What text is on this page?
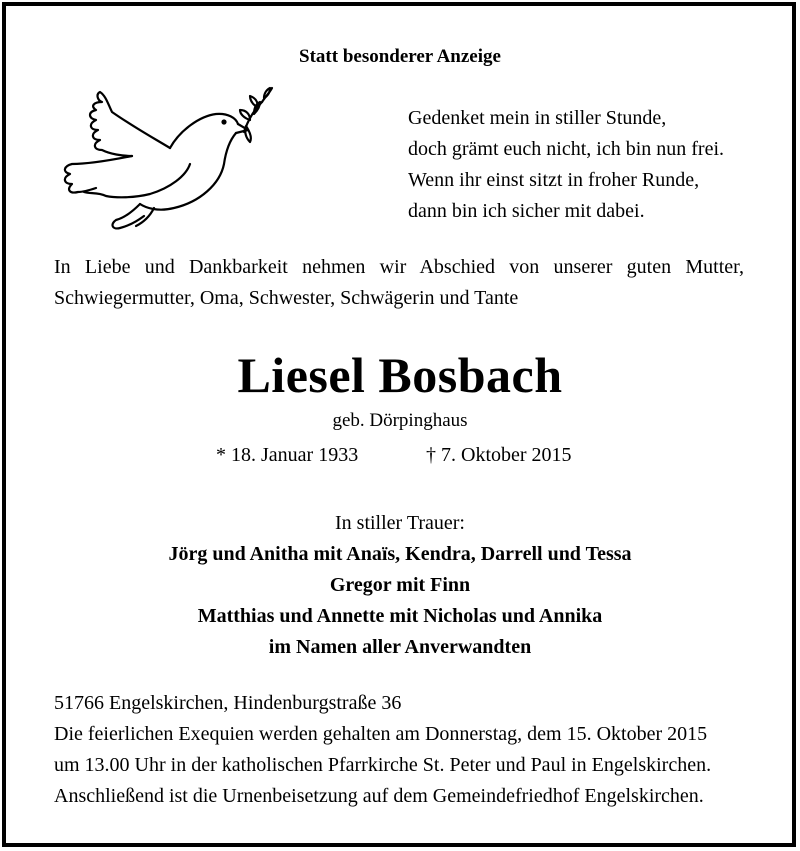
Statt besonderer Anzeige
Gedenket mein in stiller Stunde,
doch grämt euch nicht, ich bin nun frei.
Wenn ihr einst sitzt in froher Runde,
dann bin ich sicher mit dabei.
In Liebe und Dankbarkeit nehmen wir Abschied von unserer guten Mutter, Schwiegermutter, Oma, Schwester, Schwägerin und Tante
Liesel Bosbach
geb. Dörpinghaus
* 18. Januar 1933	† 7. Oktober 2015
In stiller Trauer:
Jörg und Anitha mit Anaïs, Kendra, Darrell und Tessa
Gregor mit Finn
Matthias und Annette mit Nicholas und Annika
im Namen aller Anverwandten
51766 Engelskirchen, Hindenburgstraße 36
Die feierlichen Exequien werden gehalten am Donnerstag, dem 15. Oktober 2015
um 13.00 Uhr in der katholischen Pfarrkirche St. Peter und Paul in Engelskirchen.
Anschließend ist die Urnenbeisetzung auf dem Gemeindefriedhof Engelskirchen.
